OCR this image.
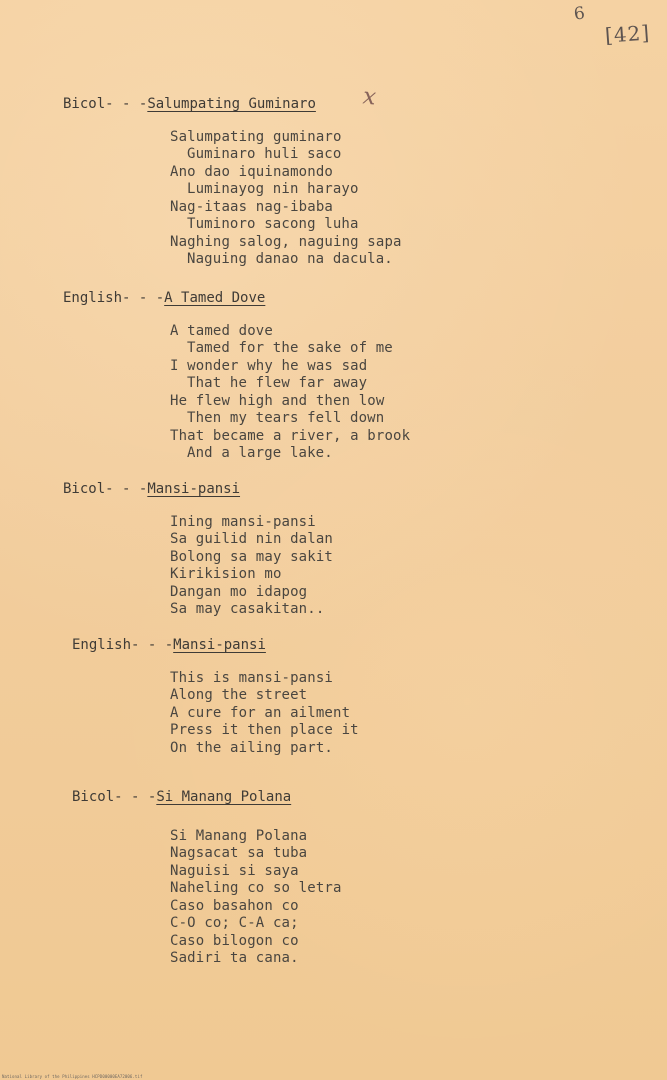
6
[42]
𝑥
Bicol- - -Salumpating Guminaro
Salumpating guminaro
Guminaro huli saco
Ano dao iquinamondo
Luminayog nin harayo
Nag-itaas nag-ibaba
Tuminoro sacong luha
Naghing salog, naguing sapa
Naguing danao na dacula.
English- - -A Tamed Dove
A tamed dove
Tamed for the sake of me
I wonder why he was sad
That he flew far away
He flew high and then low
Then my tears fell down
That became a river, a brook
And a large lake.
Bicol- - -Mansi-pansi
Ining mansi-pansi
Sa guilid nin dalan
Bolong sa may sakit
Kirikision mo
Dangan mo idapog
Sa may casakitan..
English- - -Mansi-pansi
This is mansi-pansi
Along the street
A cure for an ailment
Press it then place it
On the ailing part.
Bicol- - -Si Manang Polana
Si Manang Polana
Nagsacat sa tuba
Naguisi si saya
Naheling co so letra
Caso basahon co
C-O co; C-A ca;
Caso bilogon co
Sadiri ta cana.
National Library of the Philippines HCPD00000EA72006.tif
